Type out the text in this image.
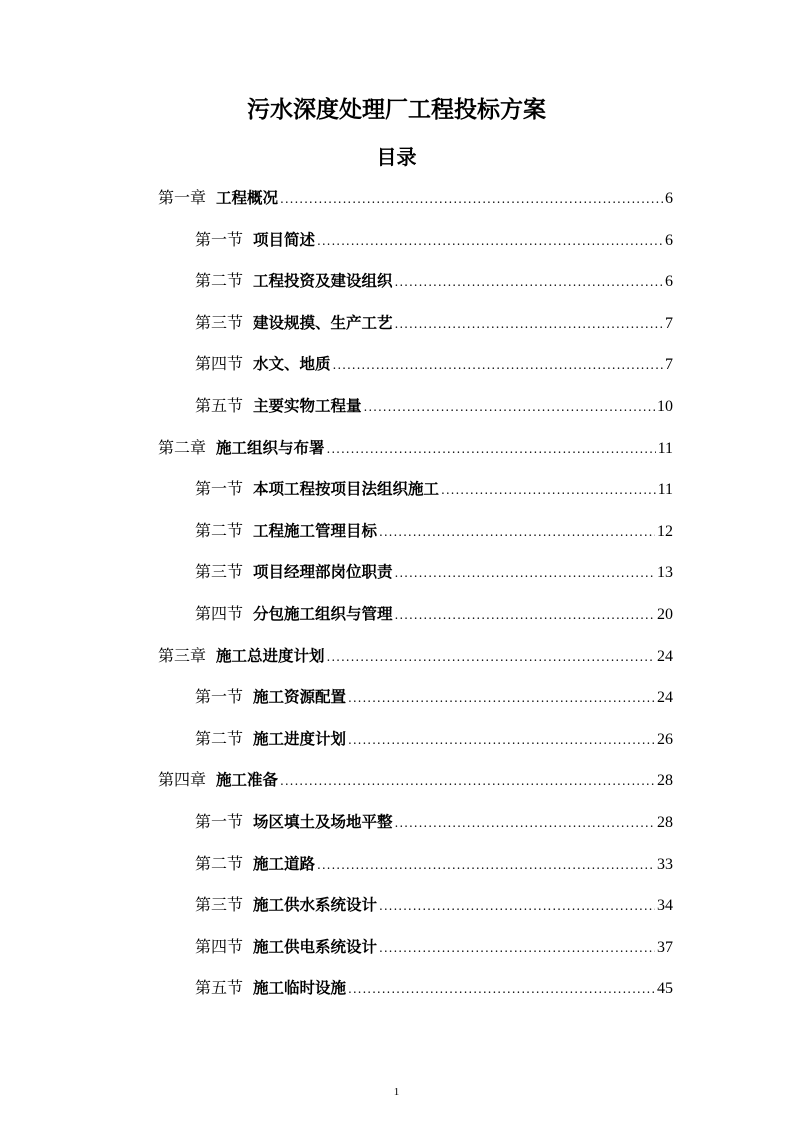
污水深度处理厂工程投标方案
目录
第一章 工程概况 .....	6
第一节 项目简述 .....	6
第二节 工程投资及建设组织 .....	6
第三节 建设规摸、生产工艺 .....	7
第四节 水文、地质 .....	7
第五节 主要实物工程量 .....	10
第二章 施工组织与布署 .....	11
第一节 本项工程按项目法组织施工 .....	11
第二节 工程施工管理目标 .....	12
第三节 项目经理部岗位职责 .....	13
第四节 分包施工组织与管理 .....	20
第三章 施工总进度计划 .....	24
第一节 施工资源配置 .....	24
第二节 施工进度计划 .....	26
第四章 施工准备 .....	28
第一节 场区填土及场地平整 .....	28
第二节 施工道路 .....	33
第三节 施工供水系统设计 .....	34
第四节 施工供电系统设计 .....	37
第五节 施工临时设施 .....	45
1
